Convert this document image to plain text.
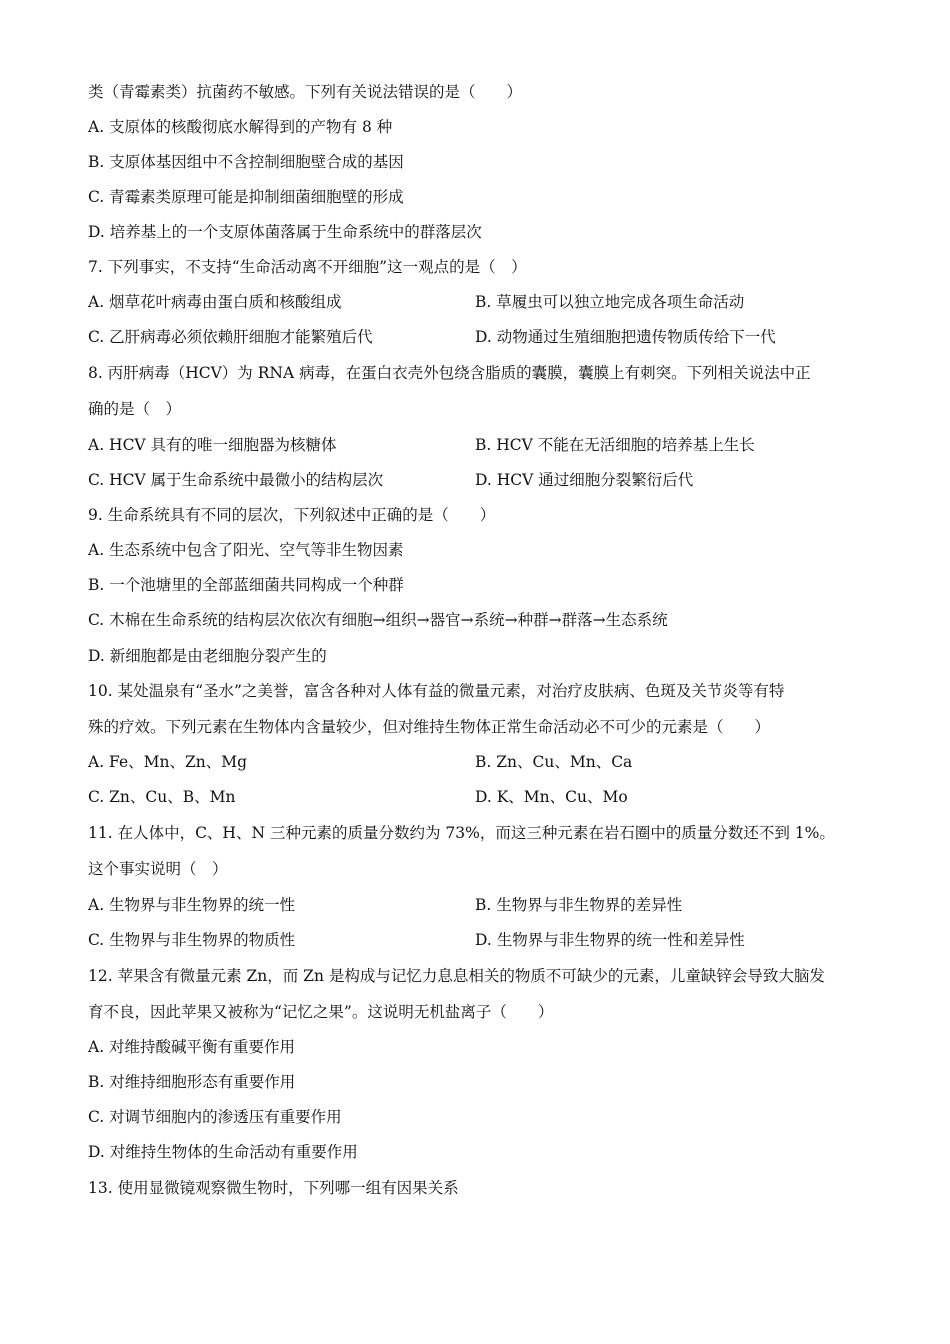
类（青霉素类）抗菌药不敏感。下列有关说法错误的是（　　）
A. 支原体的核酸彻底水解得到的产物有 8 种
B. 支原体基因组中不含控制细胞壁合成的基因
C. 青霉素类原理可能是抑制细菌细胞壁的形成
D. 培养基上的一个支原体菌落属于生命系统中的群落层次
7. 下列事实，不支持“生命活动离不开细胞”这一观点的是（　）
A. 烟草花叶病毒由蛋白质和核酸组成	B. 草履虫可以独立地完成各项生命活动
C. 乙肝病毒必须依赖肝细胞才能繁殖后代	D. 动物通过生殖细胞把遗传物质传给下一代
8. 丙肝病毒（HCV）为 RNA 病毒，在蛋白衣壳外包绕含脂质的囊膜，囊膜上有刺突。下列相关说法中正
确的是（　）
A. HCV 具有的唯一细胞器为核糖体	B. HCV 不能在无活细胞的培养基上生长
C. HCV 属于生命系统中最微小的结构层次	D. HCV 通过细胞分裂繁衍后代
9. 生命系统具有不同的层次，下列叙述中正确的是（　　）
A. 生态系统中包含了阳光、空气等非生物因素
B. 一个池塘里的全部蓝细菌共同构成一个种群
C. 木棉在生命系统的结构层次依次有细胞→组织→器官→系统→种群→群落→生态系统
D. 新细胞都是由老细胞分裂产生的
10. 某处温泉有“圣水”之美誉，富含各种对人体有益的微量元素，对治疗皮肤病、色斑及关节炎等有特
殊的疗效。下列元素在生物体内含量较少，但对维持生物体正常生命活动必不可少的元素是（　　）
A. Fe、Mn、Zn、Mg	B. Zn、Cu、Mn、Ca
C. Zn、Cu、B、Mn	D. K、Mn、Cu、Mo
11. 在人体中，C、H、N 三种元素的质量分数约为 73%，而这三种元素在岩石圈中的质量分数还不到 1%。
这个事实说明（　）
A. 生物界与非生物界的统一性	B. 生物界与非生物界的差异性
C. 生物界与非生物界的物质性	D. 生物界与非生物界的统一性和差异性
12. 苹果含有微量元素 Zn，而 Zn 是构成与记忆力息息相关的物质不可缺少的元素，儿童缺锌会导致大脑发
育不良，因此苹果又被称为“记忆之果”。这说明无机盐离子（　　）
A. 对维持酸碱平衡有重要作用
B. 对维持细胞形态有重要作用
C. 对调节细胞内的渗透压有重要作用
D. 对维持生物体的生命活动有重要作用
13. 使用显微镜观察微生物时，下列哪一组有因果关系
